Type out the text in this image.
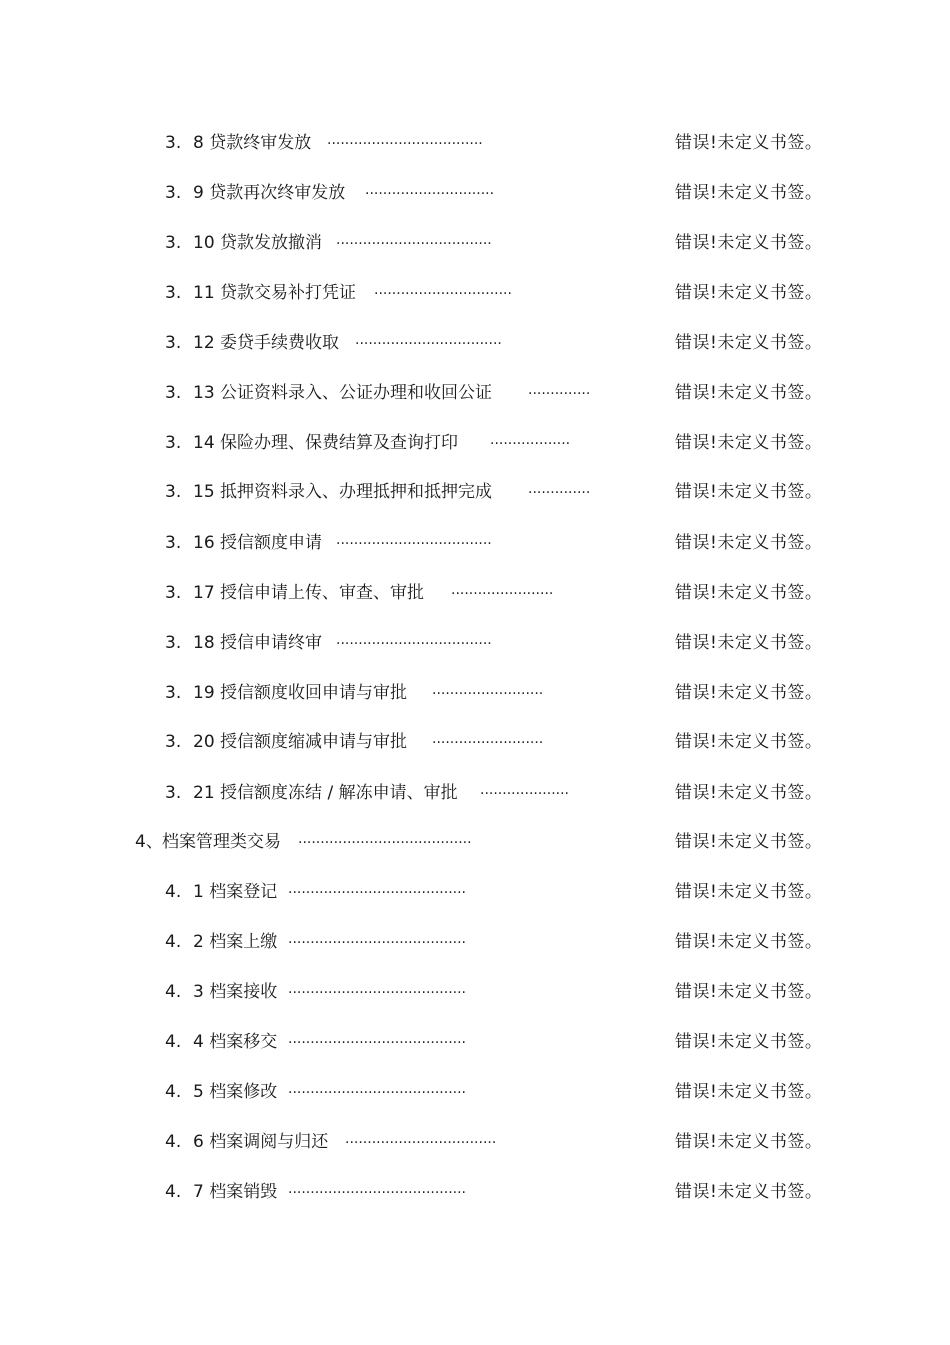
3. 8 贷款终审发放 ...................................	错误!未定义书签。
3. 9 贷款再次终审发放 .............................	错误!未定义书签。
3. 10 贷款发放撤消 ...................................	错误!未定义书签。
3. 11 贷款交易补打凭证 ...............................	错误!未定义书签。
3. 12 委贷手续费收取 .................................	错误!未定义书签。
3. 13 公证资料录入、公证办理和收回公证	..............	错误!未定义书签。
3. 14 保险办理、保费结算及查询打印 ..................	错误!未定义书签。
3. 15 抵押资料录入、办理抵押和抵押完成	..............	错误!未定义书签。
3. 16 授信额度申请 ...................................	错误!未定义书签。
3. 17 授信申请上传、审查、审批 .......................	错误!未定义书签。
3. 18 授信申请终审 ...................................	错误!未定义书签。
3. 19 授信额度收回申请与审批 .........................	错误!未定义书签。
3. 20 授信额度缩减申请与审批 .........................	错误!未定义书签。
3. 21 授信额度冻结 / 解冻申请、审批 ....................	错误!未定义书签。
4、 档案管理类交易 .......................................	错误!未定义书签。
4. 1 档案登记 ........................................	错误!未定义书签。
4. 2 档案上缴 ........................................	错误!未定义书签。
4. 3 档案接收 ........................................	错误!未定义书签。
4. 4 档案移交 ........................................	错误!未定义书签。
4. 5 档案修改 ........................................	错误!未定义书签。
4. 6 档案调阅与归还 ..................................	错误!未定义书签。
4. 7 档案销毁 ........................................	错误!未定义书签。
